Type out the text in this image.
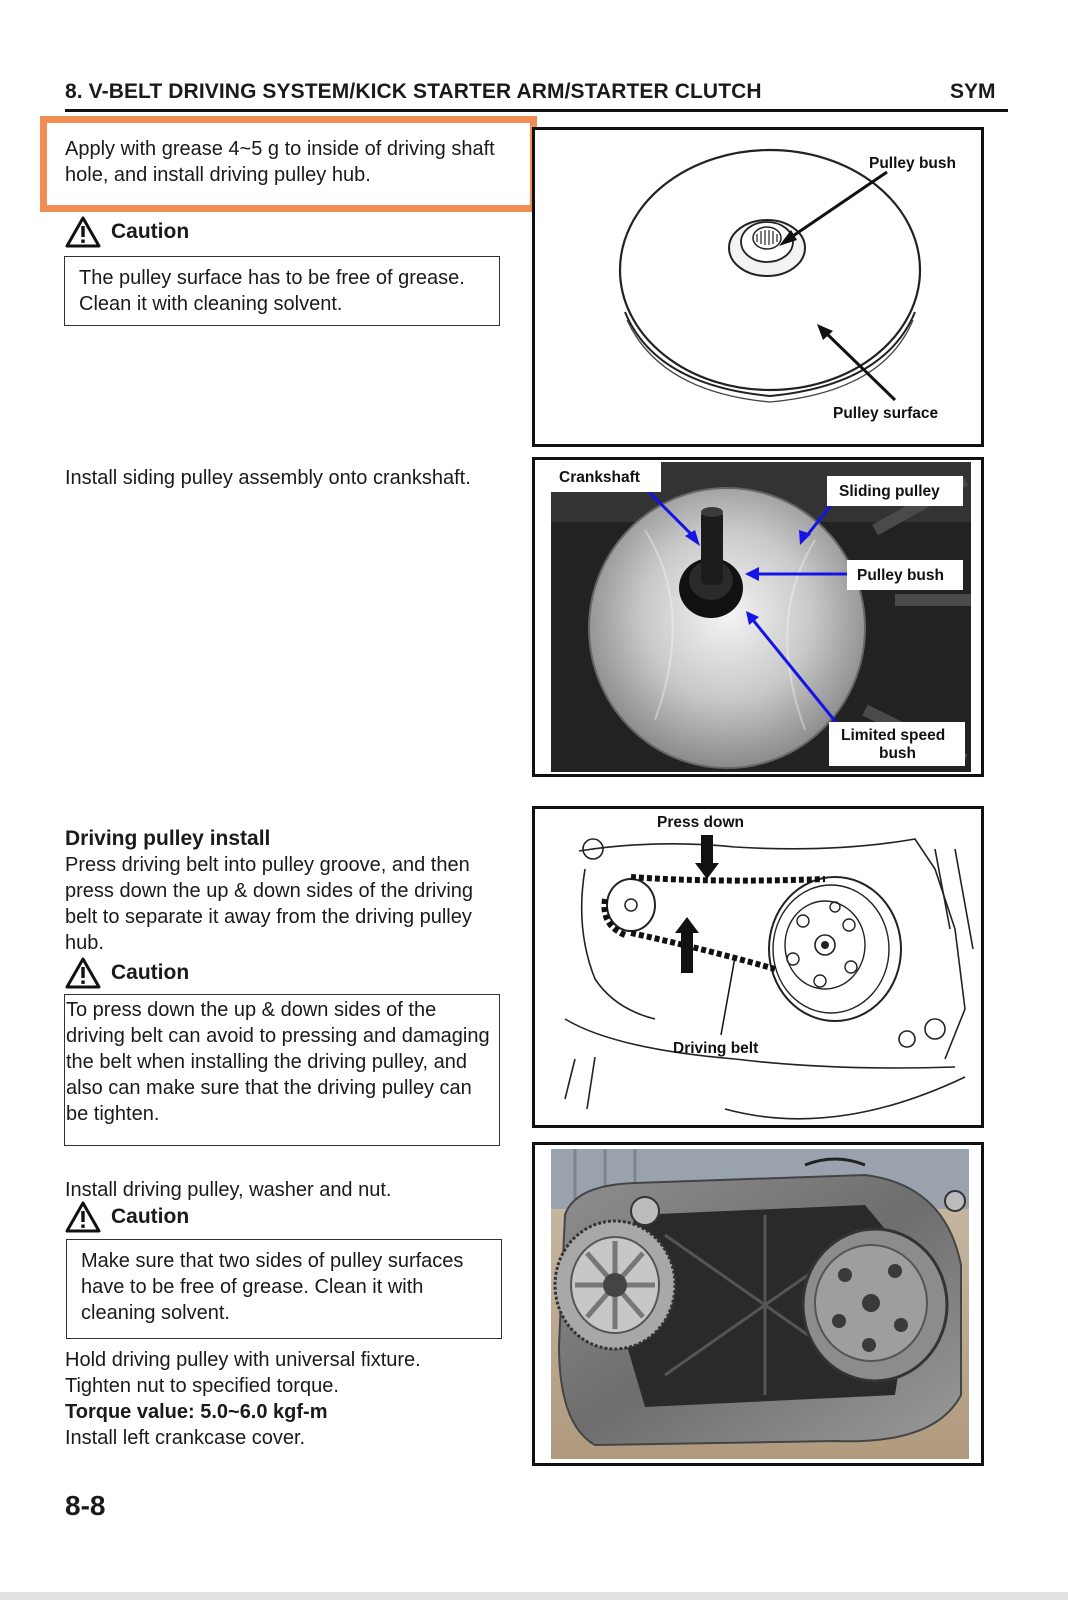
8. V-BELT DRIVING SYSTEM/KICK STARTER ARM/STARTER CLUTCH	SYM
Apply with grease 4~5 g to inside of driving shaft hole, and install driving pulley hub.
Caution
The pulley surface has to be free of grease.　Clean it with cleaning solvent.
Pulley bush
Pulley surface
Install siding pulley assembly onto crankshaft.	Crankshaft
Sliding pulley
Pulley bush
Limited speed
bush
Driving pulley install
Press driving belt into pulley groove, and then press down the up & down sides of the driving belt to separate it away from the driving pulley hub.
Caution
To press down the up & down sides of the driving belt can avoid to pressing and damaging the belt when installing the driving pulley, and also can make sure that the driving pulley can be tighten.
Press down
Driving belt
Install driving pulley, washer and nut.
Caution
Make sure that two sides of pulley surfaces have to be free of grease. Clean it with cleaning solvent.
Hold driving pulley with universal fixture.
Tighten nut to specified torque.
Torque value: 5.0~6.0 kgf-m
Install left crankcase cover.
8-8
